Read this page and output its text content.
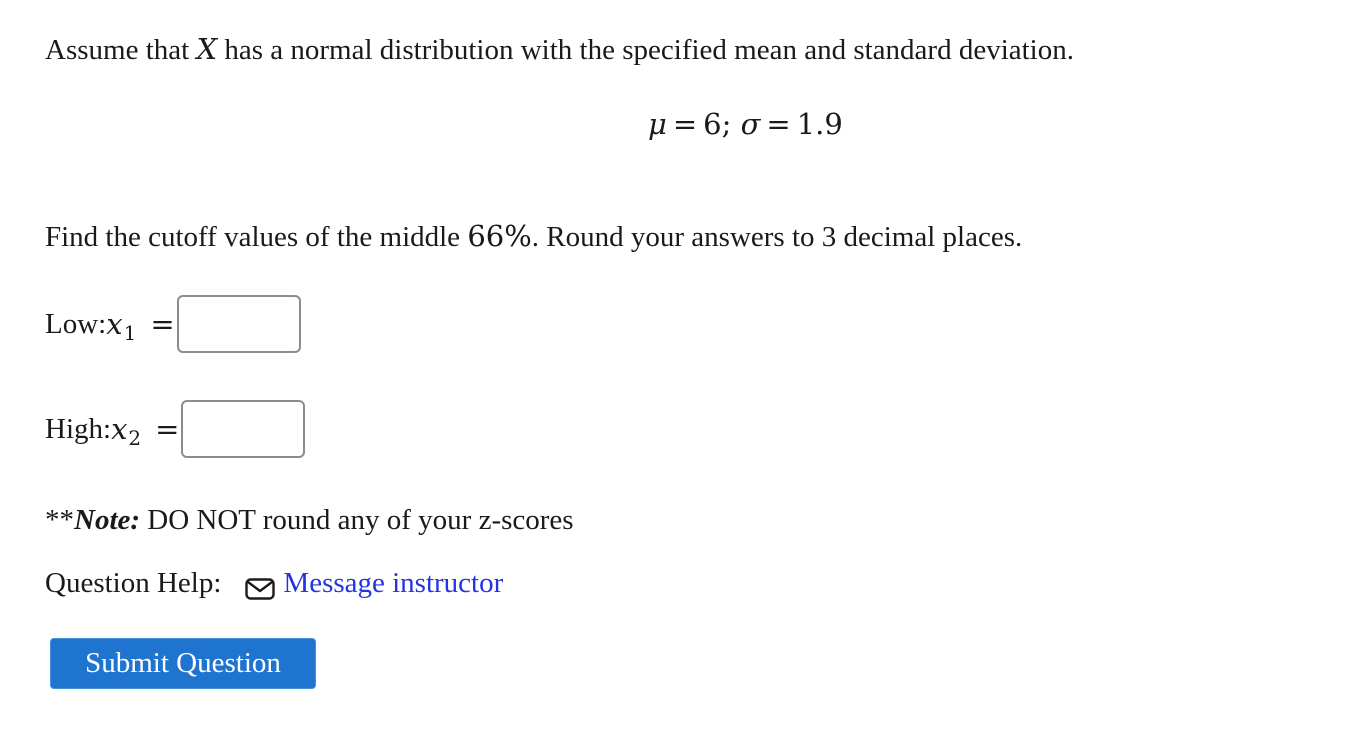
Assume that X has a normal distribution with the specified mean and standard deviation.
μ = 6; σ = 1.9
Find the cutoff values of the middle 66%. Round your answers to 3 decimal places.
Low: $x_1$ =
High: $x_2$ =
**Note: DO NOT round any of your z-scores
Question Help: Message instructor
Submit Question
